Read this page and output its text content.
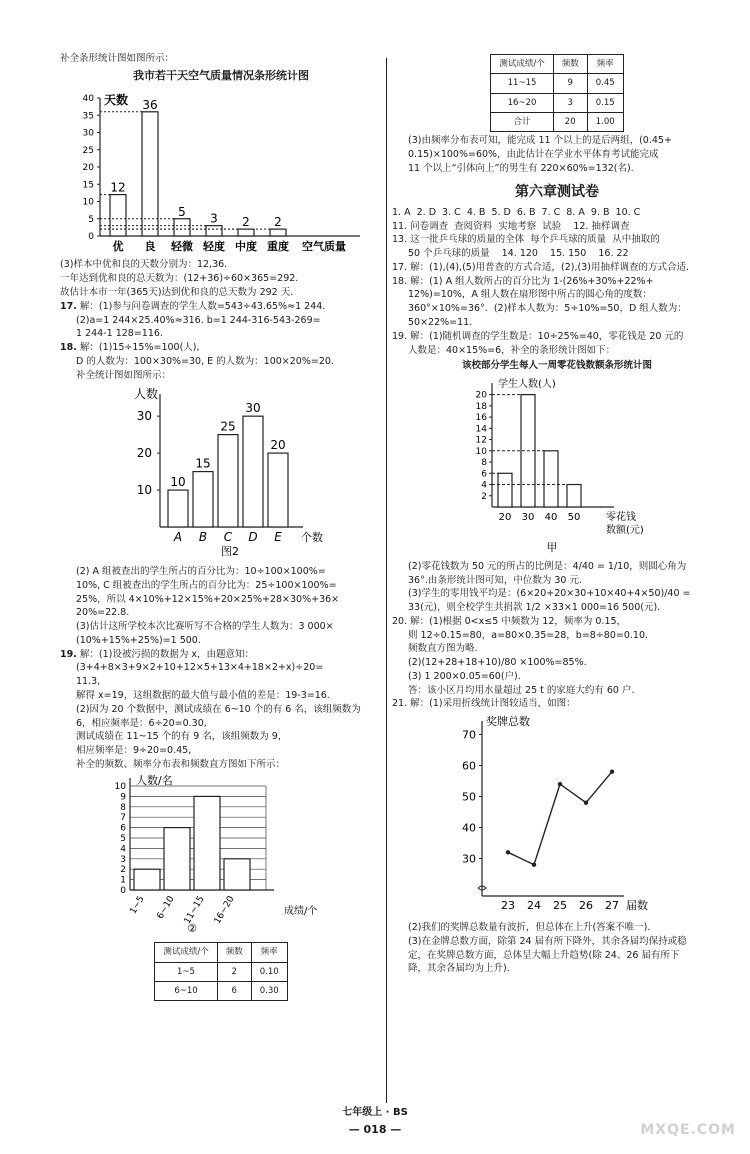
补全条形统计图如图所示：

我市若干天空气质量情况条形统计图
天数
0
5
10
15
20
25
30
35
40
12
优
36
良
5
轻微
3
轻度
2
中度
2
重度 空气质量

(3)样本中优和良的天数分别为：12,36.

一年达到优和良的总天数为：(12+36)÷60×365=292.

故估计本市一年(365天)达到优和良的总天数为 292 天.

17. 解：(1)参与问卷调查的学生人数=543÷43.65%≈1 244.

(2)a=1 244×25.40%≈316. b=1 244-316-543-269=

1 244-1 128=116.

18. 解：(1)15÷15%=100(人),

D 的人数为：100×30%=30, E 的人数为：100×20%=20.

补全统计图如图所示：

人数
10
20
30
10
A
15
B
25
C
30
D
20
E 个数
图2

(2) A 组被查出的学生所占的百分比为：10÷100×100%=

10%, C 组被查出的学生所占的百分比为：25÷100×100%=

25%，所以 4×10%+12×15%+20×25%+28×30%+36×

20%=22.8.

(3)估计这所学校本次比赛听写不合格的学生人数为：3 000×

(10%+15%+25%)=1 500.

19. 解：(1)设被污损的数据为 x，由题意知：

(3+4+8×3+9×2+10+12×5+13×4+18×2+x)÷20=

11.3,

解得 x=19，这组数据的最大值与最小值的差是：19-3=16.

(2)因为 20 个数据中，测试成绩在 6~10 个的有 6 名，该组频数为

6，相应频率是：6÷20=0.30,

测试成绩在 11~15 个的有 9 名，该组频数为 9，

相应频率是：9÷20=0.45,

补全的频数、频率分布表和频数直方图如下所示：

0
1
2
3
4
5
6
7
8
9
10 人数/名
1~5 6~10 11~15 16~20	成绩/个
②
测试成绩/个	频数	频率
1~5	2	0.10
6~10	6	0.30
测试成绩/个	频数	频率
11~15	9	0.45
16~20	3	0.15
合计	20	1.00

(3)由频率分布表可知，能完成 11 个以上的是后两组，(0.45+

0.15)×100%=60%，由此估计在学业水平体育考试能完成

11 个以上“引体向上”的男生有 220×60%=132(名).

第六章测试卷

1. A  2. D  3. C  4. B  5. D  6. B  7. C  8. A  9. B  10. C

11. 问卷调查  查阅资料  实地考察  试验    12. 抽样调查

13. 这一批乒乓球的质量的全体  每个乒乓球的质量  从中抽取的

50 个乒乓球的质量    14. 120    15. 150    16. 22

17. 解：(1),(4),(5)用普查的方式合适，(2),(3)用抽样调查的方式合适.

18. 解：(1) A 组人数所占的百分比为 1-(26%+30%+22%+

12%)=10%，A 组人数在扇形图中所占的圆心角的度数：

360°×10%=36°.  (2)样本人数为：5÷10%=50，D 组人数为：

50×22%=11.

19. 解：(1)随机调查的学生数是：10÷25%=40，零花钱是 20 元的

人数是：40×15%=6，补全的条形统计图如下：

该校部分学生每人一周零花钱数额条形统计图
学生人数(人)
2
4
6
8
10
12
14
16
18
20
20 30 40 50	零花钱
数额(元)
甲

(2)零花钱数为 50 元的所占的比例是：4/40 = 1/10，则圆心角为

36°.由条形统计图可知，中位数为 30 元.

(3)学生的零用钱平均是：(6×20+20×30+10×40+4×50)/40 =

33(元)，则全校学生共捐款 1/2 ×33×1 000=16 500(元).

20. 解：(1)根据 0<x≤5 中频数为 12，频率为 0.15，

则 12÷0.15=80，a=80×0.35=28，b=8÷80=0.10.

频数直方图为略.

(2)(12+28+18+10)/80 ×100%=85%.

(3) 1 200×0.05=60(户).

答：该小区月均用水量超过 25 t 的家庭大约有 60 户.

21. 解：(1)采用折线统计图较适当，如图：

奖牌总数
30
40
50
60
70
23 24 25 26 27 届数

(2)我们的奖牌总数量有波折，但总体在上升(答案不唯一).

(3)在金牌总数方面，除第 24 届有所下降外，其余各届均保持或稳

定，在奖牌总数方面，总体呈大幅上升趋势(除 24、26 届有所下

降，其余各届均为上升).

七年级上 · BS
— 018 —	MXQE.COM
